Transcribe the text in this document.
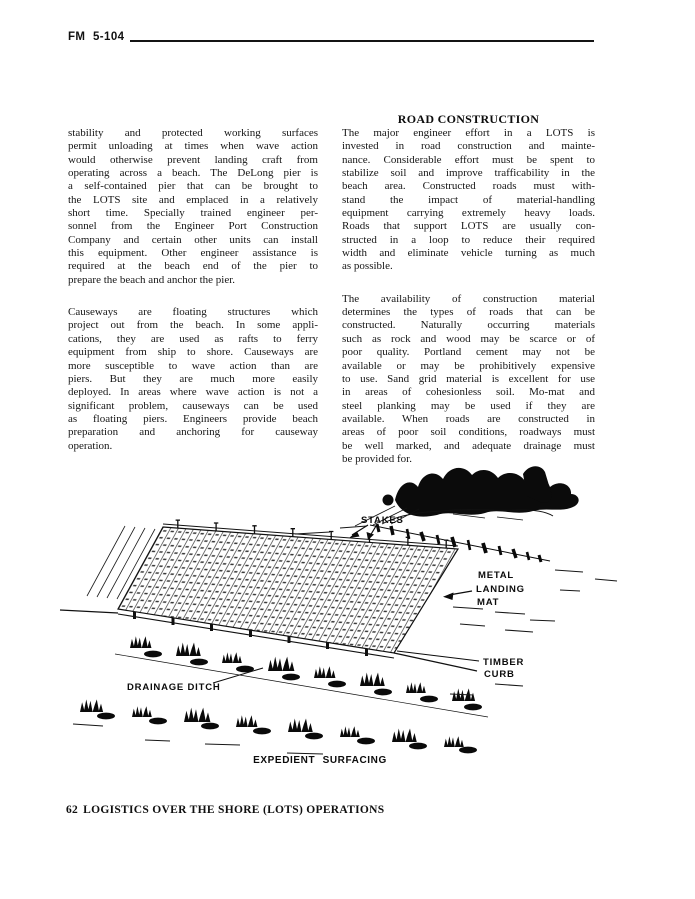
FM 5-104
stability and protected working surfaces
permit unloading at times when wave action
would otherwise prevent landing craft from
operating across a beach. The DeLong pier is
a self-contained pier that can be brought to
the LOTS site and emplaced in a relatively
short time. Specially trained engineer per-
sonnel from the Engineer Port Construction
Company and certain other units can install
this equipment. Other engineer assistance is
required at the beach end of the pier to
prepare the beach and anchor the pier.
Causeways are floating structures which
project out from the beach. In some appli-
cations, they are used as rafts to ferry
equipment from ship to shore. Causeways are
more susceptible to wave action than are
piers. But they are much more easily
deployed. In areas where wave action is not a
significant problem, causeways can be used
as floating piers. Engineers provide beach
preparation and anchoring for causeway
operation.
ROAD CONSTRUCTION
The major engineer effort in a LOTS is
invested in road construction and mainte-
nance. Considerable effort must be spent to
stabilize soil and improve trafficability in the
beach area. Constructed roads must with-
stand the impact of material-handling
equipment carrying extremely heavy loads.
Roads that support LOTS are usually con-
structed in a loop to reduce their required
width and eliminate vehicle turning as much
as possible.
The availability of construction material
determines the types of roads that can be
constructed. Naturally occurring materials
such as rock and wood may be scarce or of
poor quality. Portland cement may not be
available or may be prohibitively expensive
to use. Sand grid material is excellent for use
in areas of cohesionless soil. Mo-mat and
steel planking may be used if they are
available. When roads are constructed in
areas of poor soil conditions, roadways must
be well marked, and adequate drainage must
be provided for.
STAKES
METAL
LANDING
MAT
TIMBER
CURB
DRAINAGE DITCH
EXPEDIENT SURFACING
62 LOGISTICS OVER THE SHORE (LOTS) OPERATIONS
